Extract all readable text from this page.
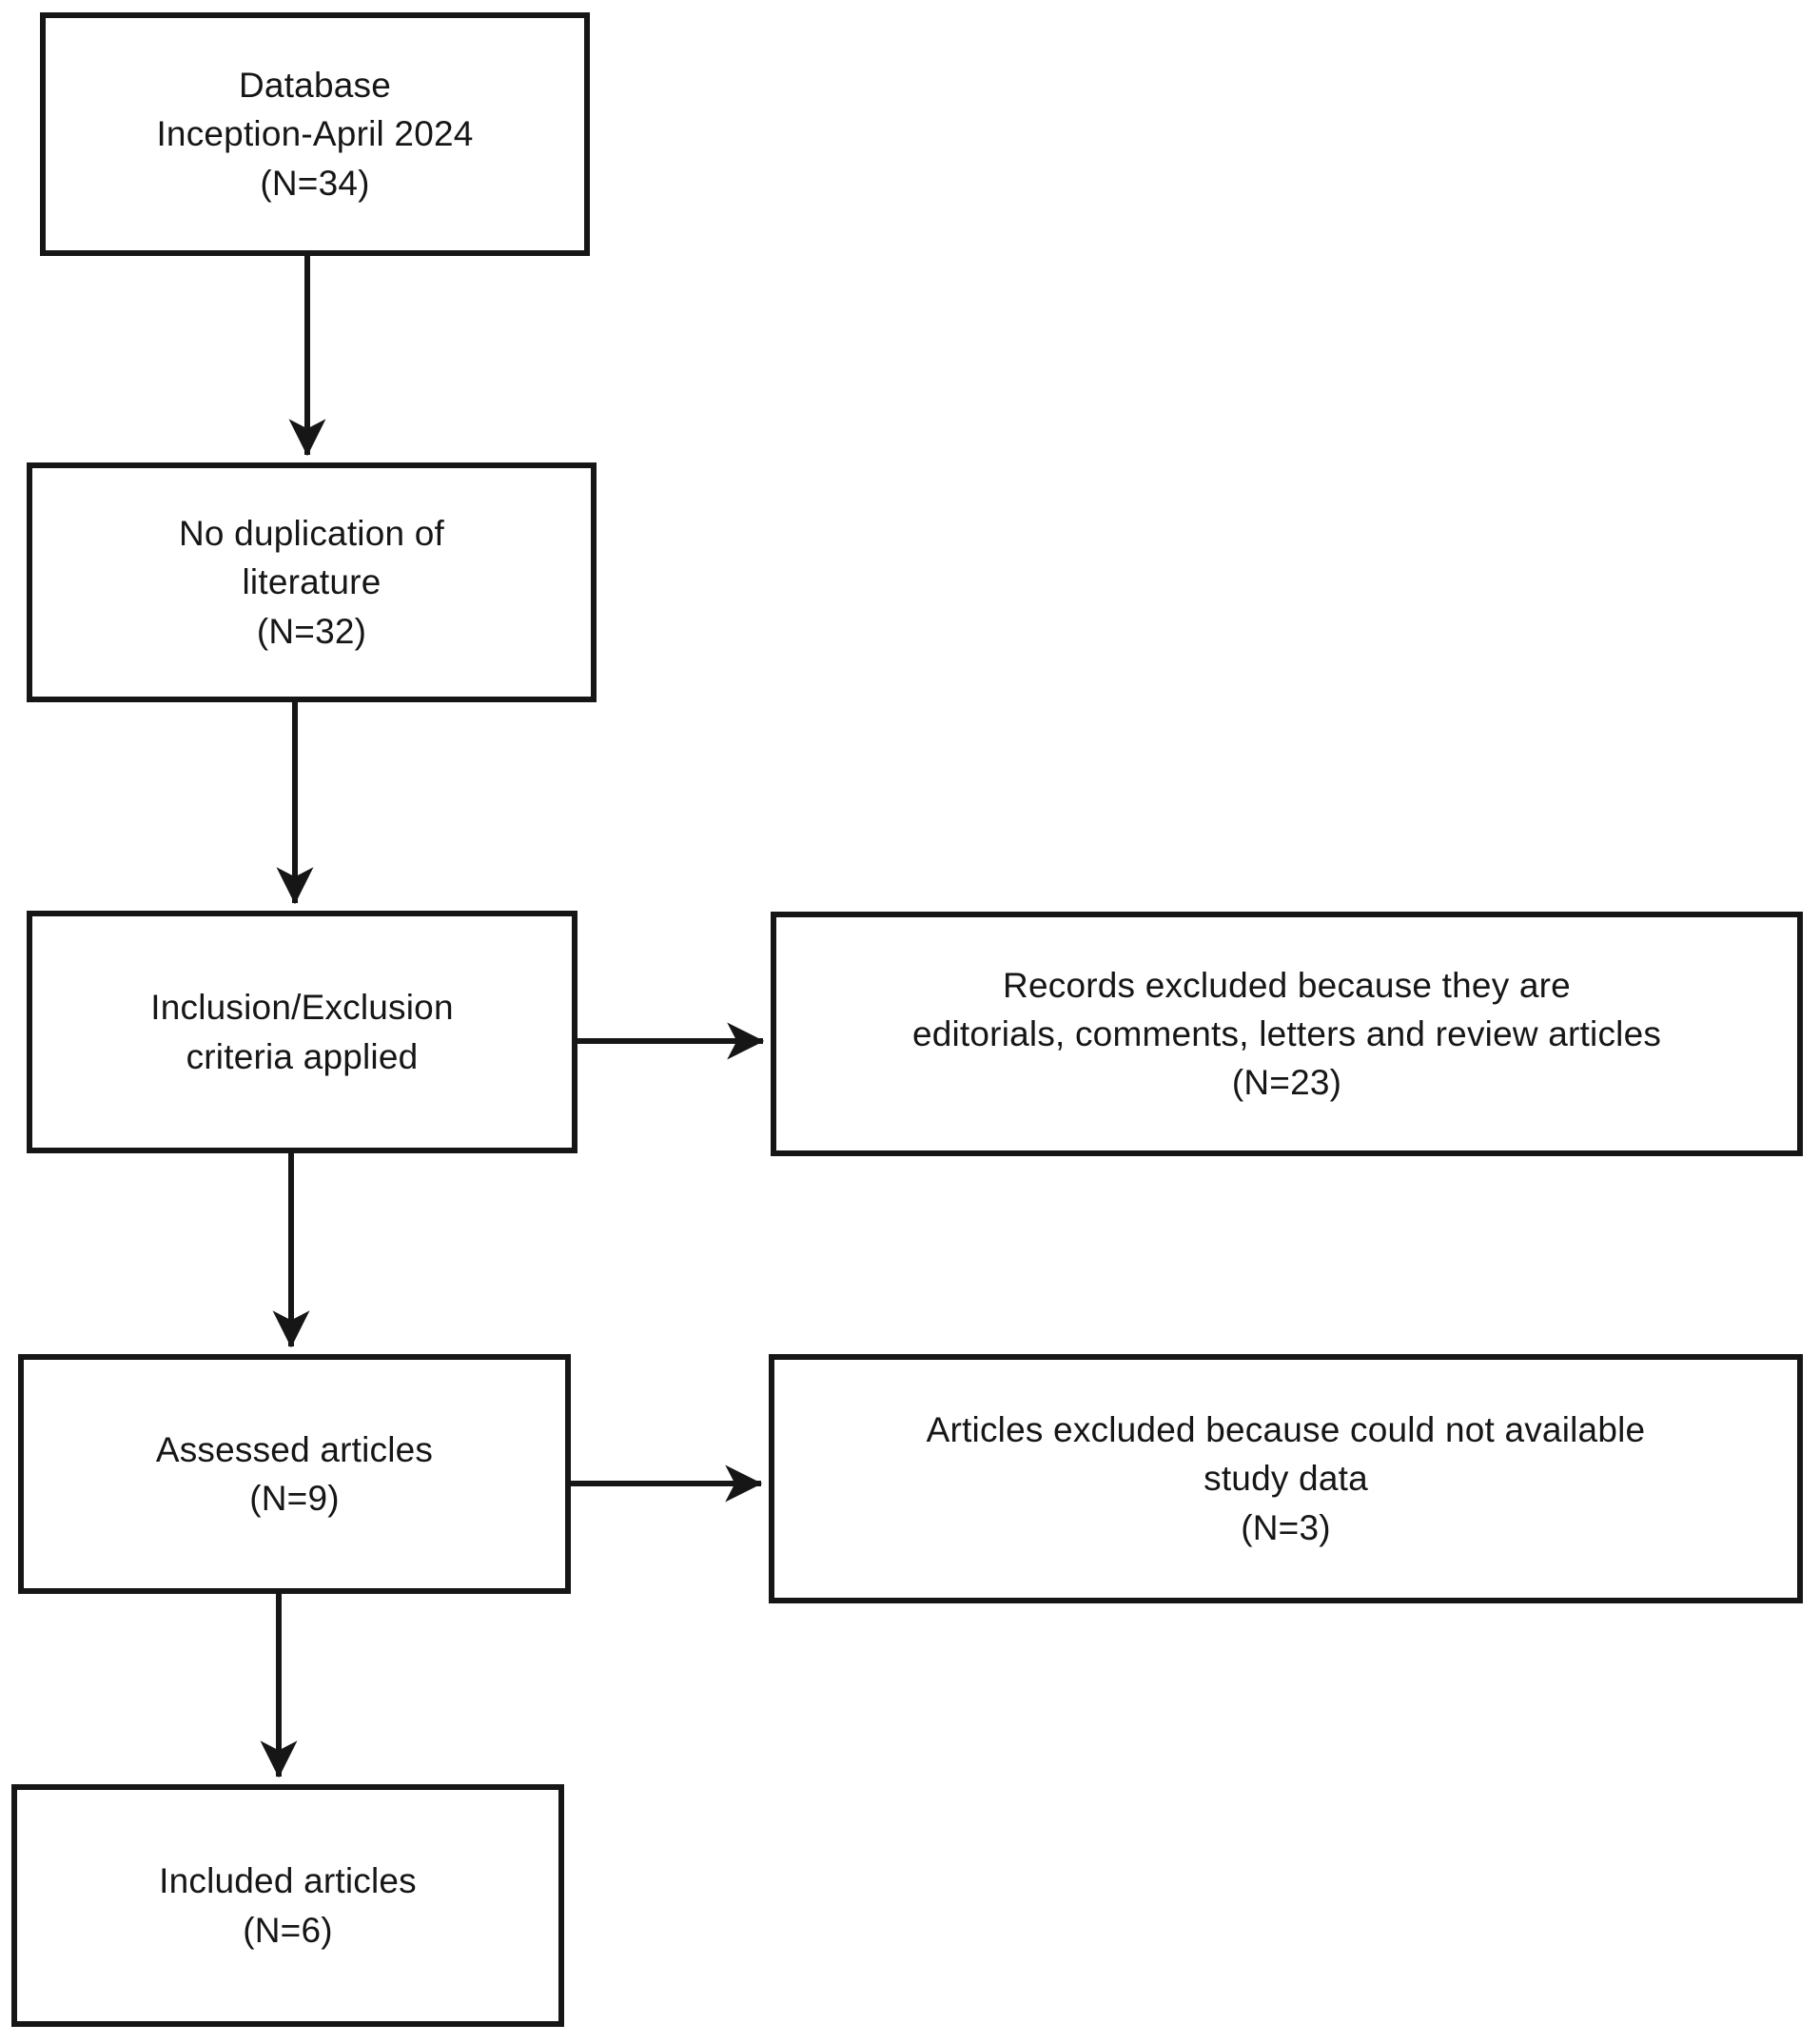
Database
Inception-April 2024
(N=34)
No duplication of
literature
(N=32)
Inclusion/Exclusion
criteria applied
Assessed articles
(N=9)
Included articles
(N=6)
Records excluded because they are
editorials, comments, letters and review articles
(N=23)
Articles excluded because could not available
study data
(N=3)
